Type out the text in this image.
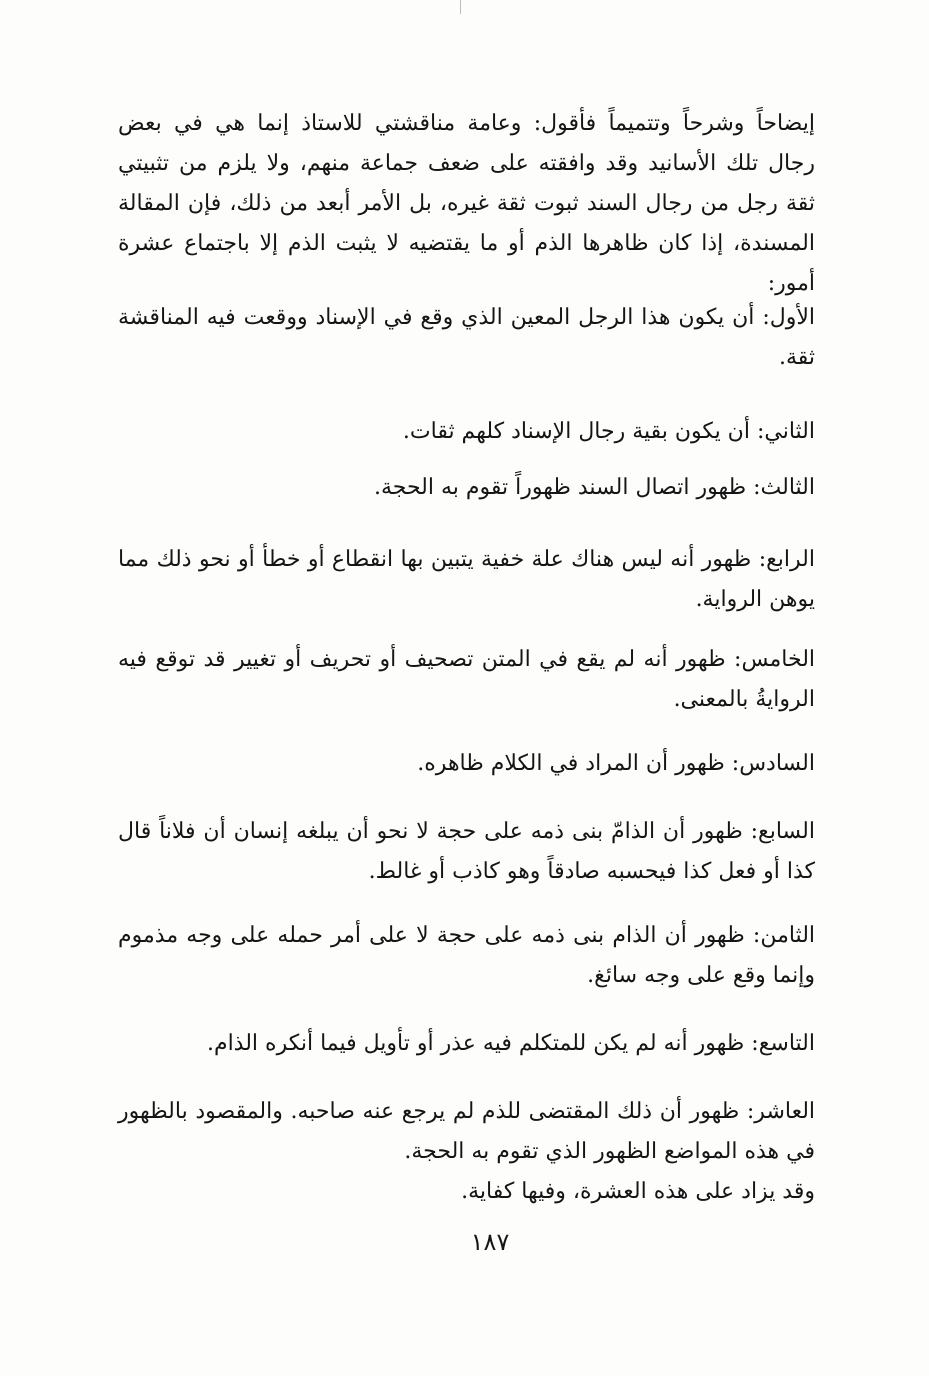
إيضاحاً وشرحاً وتتميماً فأقول: وعامة مناقشتي للاستاذ إنما هي في بعض رجال تلك الأسانيد وقد وافقته على ضعف جماعة منهم، ولا يلزم من تثبيتي ثقة رجل من رجال السند ثبوت ثقة غيره، بل الأمر أبعد من ذلك، فإن المقالة المسندة، إذا كان ظاهرها الذم أو ما يقتضيه لا يثبت الذم إلا باجتماع عشرة أمور:
الأول: أن يكون هذا الرجل المعين الذي وقع في الإسناد ووقعت فيه المناقشة ثقة.
الثاني: أن يكون بقية رجال الإسناد كلهم ثقات.
الثالث: ظهور اتصال السند ظهوراً تقوم به الحجة.
الرابع: ظهور أنه ليس هناك علة خفية يتبين بها انقطاع أو خطأ أو نحو ذلك مما يوهن الرواية.
الخامس: ظهور أنه لم يقع في المتن تصحيف أو تحريف أو تغيير قد توقع فيه الروايةُ بالمعنى.
السادس: ظهور أن المراد في الكلام ظاهره.
السابع: ظهور أن الذامّ بنى ذمه على حجة لا نحو أن يبلغه إنسان أن فلاناً قال كذا أو فعل كذا فيحسبه صادقاً وهو كاذب أو غالط.
الثامن: ظهور أن الذام بنى ذمه على حجة لا على أمر حمله على وجه مذموم وإنما وقع على وجه سائغ.
التاسع: ظهور أنه لم يكن للمتكلم فيه عذر أو تأويل فيما أنكره الذام.
العاشر: ظهور أن ذلك المقتضى للذم لم يرجع عنه صاحبه. والمقصود بالظهور في هذه المواضع الظهور الذي تقوم به الحجة.
وقد يزاد على هذه العشرة، وفيها كفاية.
١٨٧
